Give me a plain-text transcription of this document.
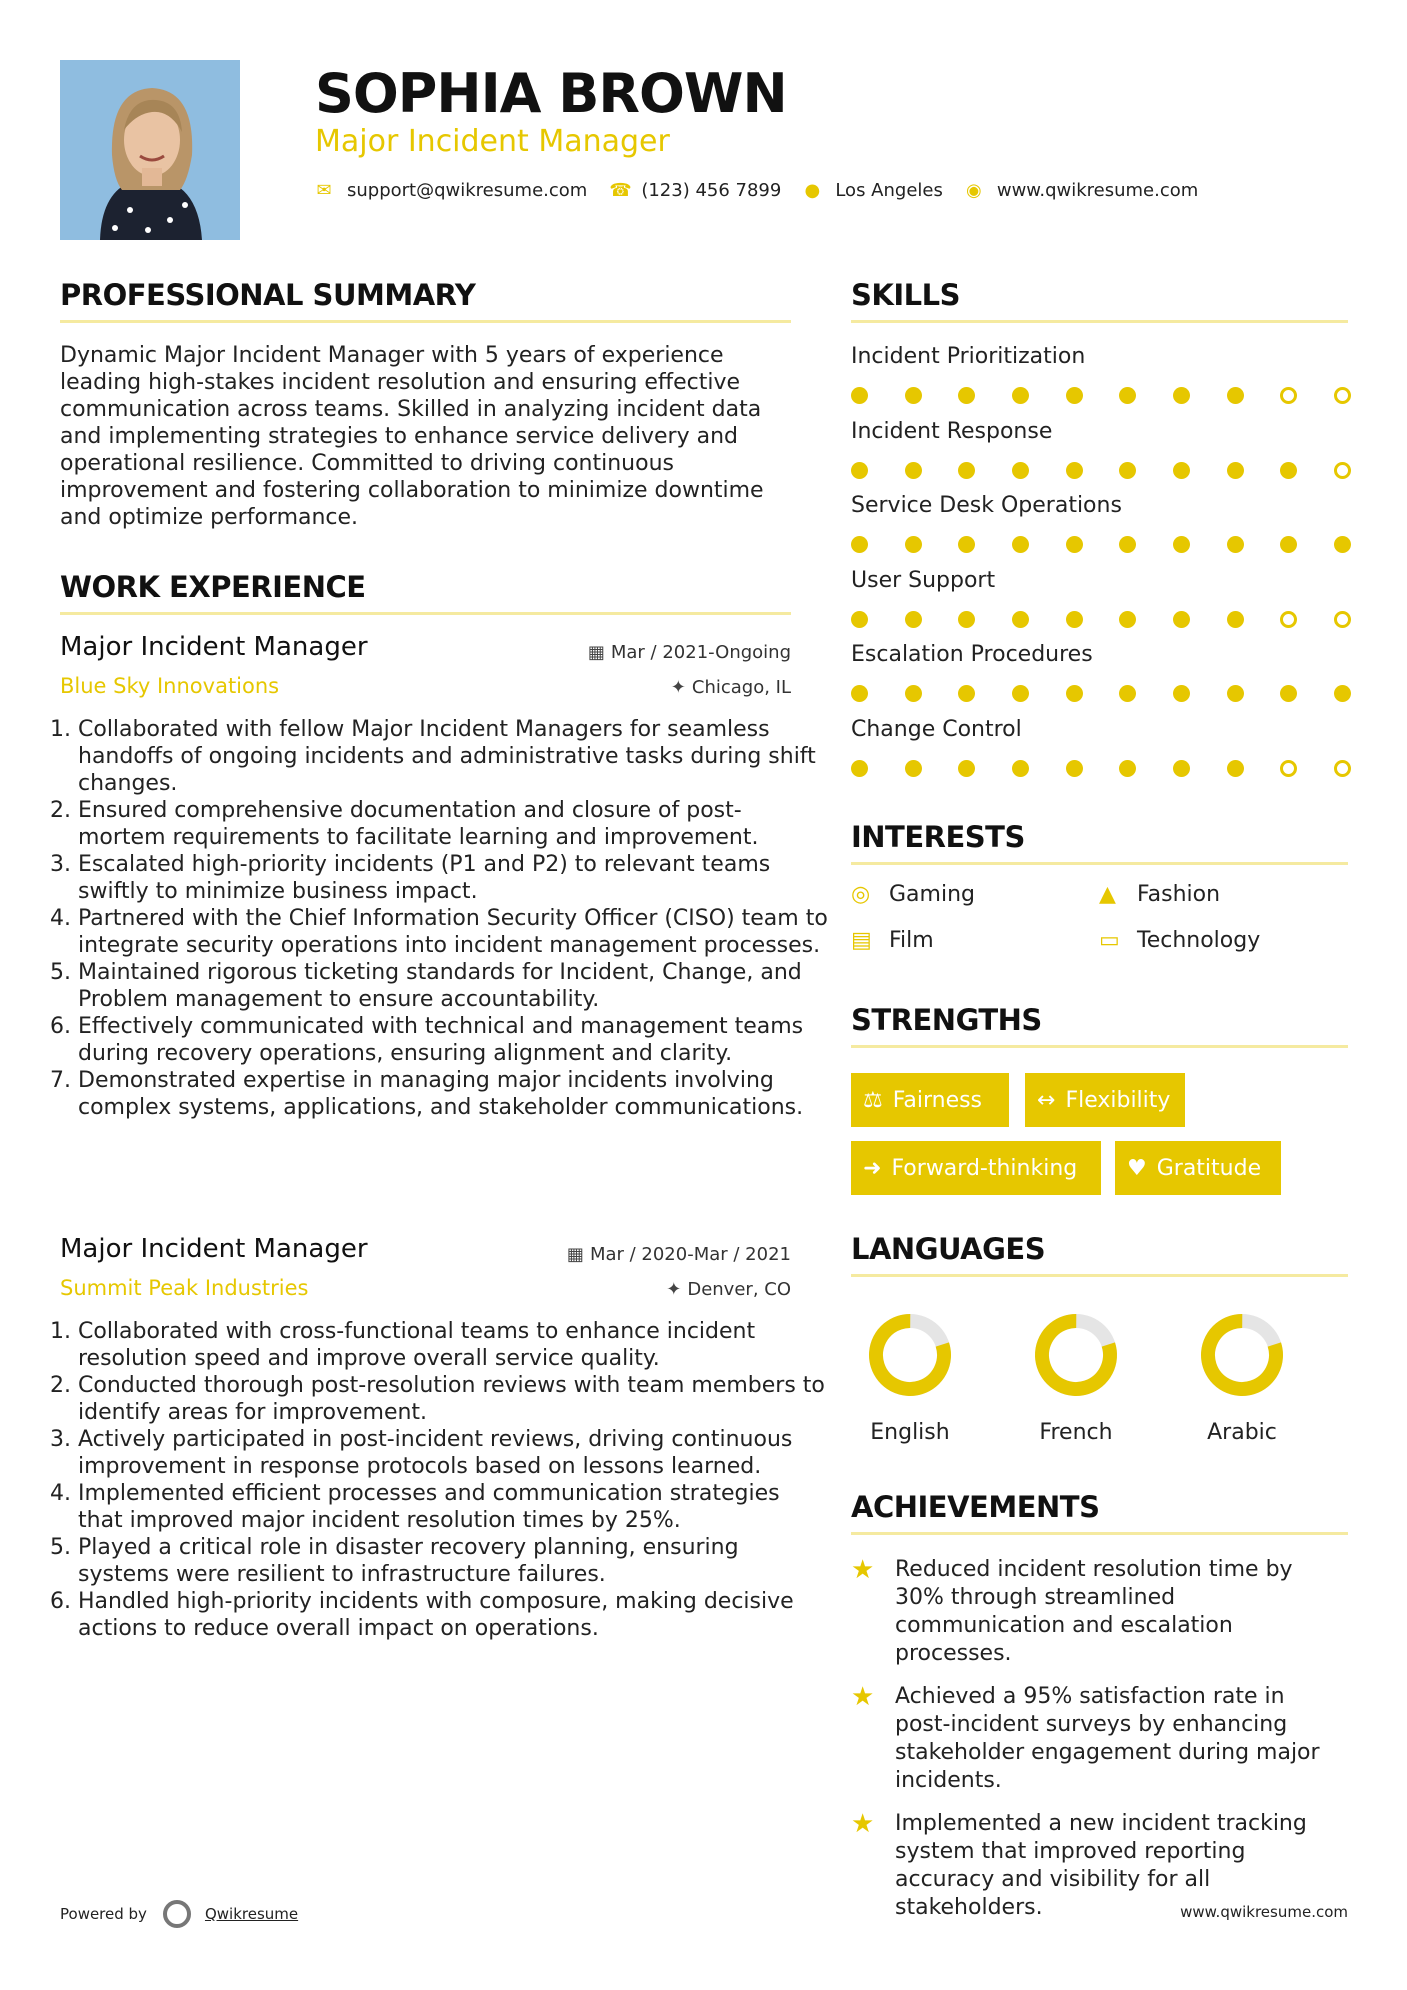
SOPHIA BROWN
Major Incident Manager
✉ support@qwikresume.com ☎ (123) 456 7899 ● Los Angeles ◉ www.qwikresume.com
PROFESSIONAL SUMMARY
Dynamic Major Incident Manager with 5 years of experience leading high-stakes incident resolution and ensuring effective communication across teams. Skilled in analyzing incident data and implementing strategies to enhance service delivery and operational resilience. Committed to driving continuous improvement and fostering collaboration to minimize downtime and optimize performance.
WORK EXPERIENCE
Major Incident Manager	▦ Mar / 2021-Ongoing
Blue Sky Innovations	✦ Chicago, IL
1. Collaborated with fellow Major Incident Managers for seamless handoffs of ongoing incidents and administrative tasks during shift changes.
2. Ensured comprehensive documentation and closure of post-mortem requirements to facilitate learning and improvement.
3. Escalated high-priority incidents (P1 and P2) to relevant teams swiftly to minimize business impact.
4. Partnered with the Chief Information Security Officer (CISO) team to integrate security operations into incident management processes.
5. Maintained rigorous ticketing standards for Incident, Change, and Problem management to ensure accountability.
6. Effectively communicated with technical and management teams during recovery operations, ensuring alignment and clarity.
7. Demonstrated expertise in managing major incidents involving complex systems, applications, and stakeholder communications.
Major Incident Manager	▦ Mar / 2020-Mar / 2021
Summit Peak Industries	✦ Denver, CO
1. Collaborated with cross-functional teams to enhance incident resolution speed and improve overall service quality.
2. Conducted thorough post-resolution reviews with team members to identify areas for improvement.
3. Actively participated in post-incident reviews, driving continuous improvement in response protocols based on lessons learned.
4. Implemented efficient processes and communication strategies that improved major incident resolution times by 25%.
5. Played a critical role in disaster recovery planning, ensuring systems were resilient to infrastructure failures.
6. Handled high-priority incidents with composure, making decisive actions to reduce overall impact on operations.
SKILLS
Incident Prioritization
Incident Response
Service Desk Operations
User Support
Escalation Procedures
Change Control
INTERESTS
◎ Gaming	▲ Fashion
▤ Film	▭ Technology
STRENGTHS
⚖ Fairness ↔ Flexibility
➜ Forward-thinking ♥ Gratitude
LANGUAGES
English	French	Arabic
ACHIEVEMENTS
★ Reduced incident resolution time by 30% through streamlined communication and escalation processes.
★ Achieved a 95% satisfaction rate in post-incident surveys by enhancing stakeholder engagement during major incidents.
★ Implemented a new incident tracking system that improved reporting accuracy and visibility for all stakeholders.
Powered by	Qwikresume	www.qwikresume.com
